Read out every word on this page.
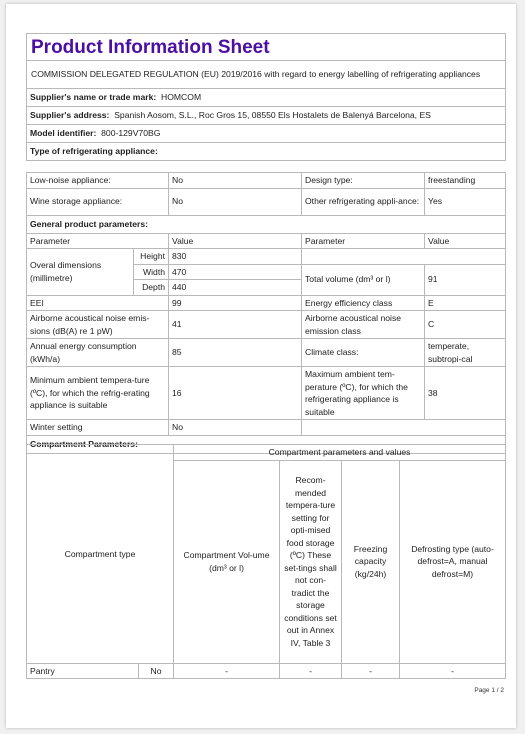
Product Information Sheet
COMMISSION DELEGATED REGULATION (EU) 2019/2016 with regard to energy labelling of refrigerating appliances
Supplier's name or trade mark: HOMCOM
Supplier's address: Spanish Aosom, S.L., Roc Gros 15, 08550 Els Hostalets de Balenyá Barcelona, ES
Model identifier: 800-129V70BG
Type of refrigerating appliance:
Low-noise appliance:		No	Design type:	freestanding
Wine storage appliance:		No	Other refrigerating appli-ance:	Yes
General product parameters:				
Parameter		Value	Parameter	Value
Overal dimensions (millimetre)	Height	830		
	Width	470	Total volume (dm³ or l)	91
	Depth	440		
EEI		99	Energy efficiency class	E
Airborne acoustical noise emis-sions (dB(A) re 1 pW)		41	Airborne acoustical noise emission class	C
Annual energy consumption (kWh/a)		85	Climate class:	temperate, subtropi-cal
Minimum ambient tempera-ture (ºC), for which the refrig-erating appliance is suitable		16	Maximum ambient tem-perature (ºC), for which the refrigerating appliance is suitable	38
Winter setting		No		
Compartment Parameters:				
Compartment type		Compartment parameters and values			
		Compartment Vol-ume (dm³ or l)	Recom-mended tempera-ture setting for opti-mised food storage (ºC) These set-tings shall not con-tradict the storage conditions set out in Annex IV, Table 3	Freezing capacity (kg/24h)	Defrosting type (auto-defrost=A, manual defrost=M)
Pantry	No	-	-	-	-
Page 1 / 2
